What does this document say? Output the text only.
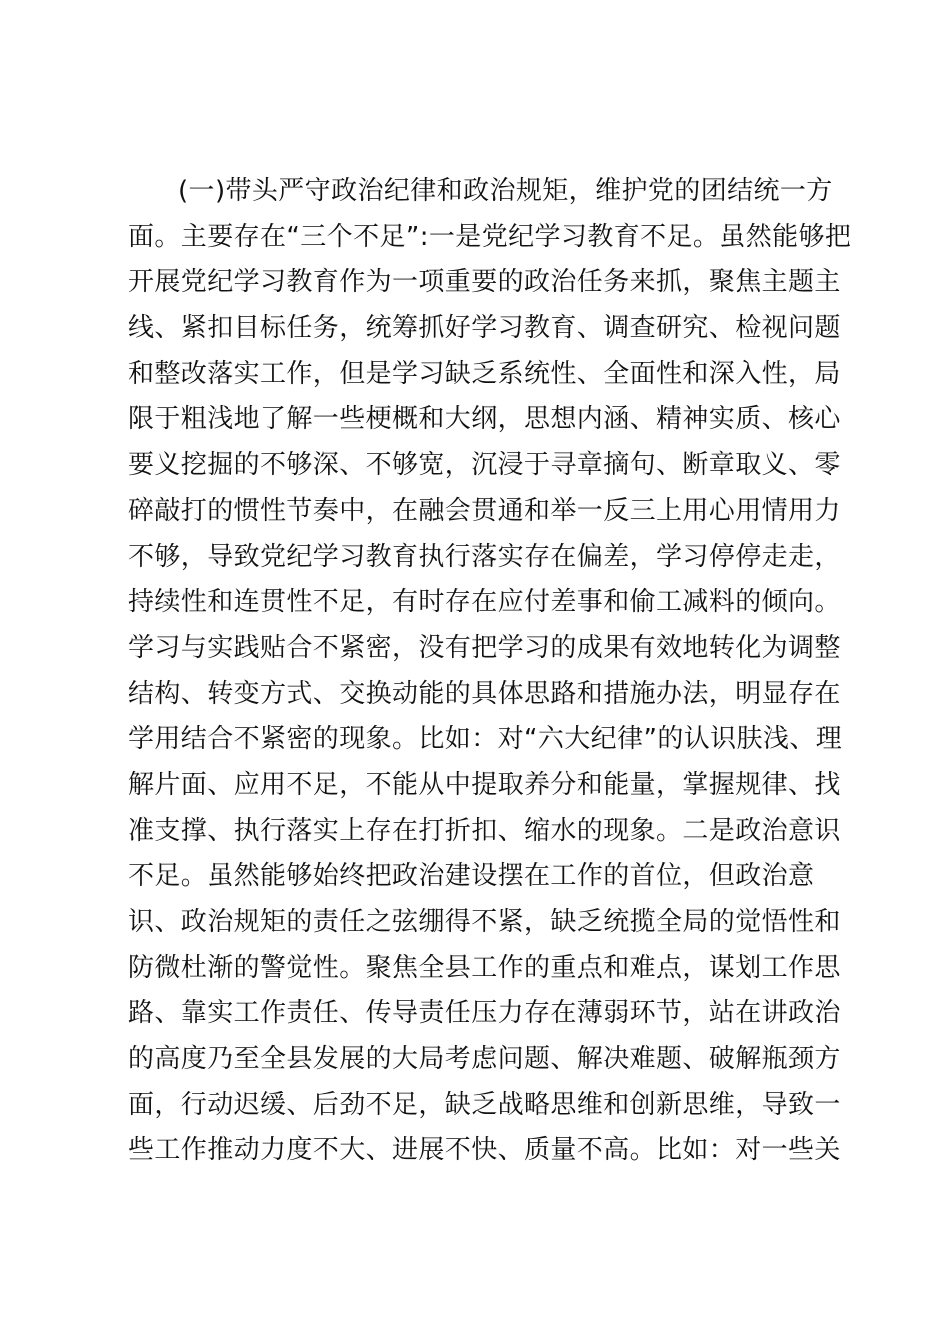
(一)带头严守政治纪律和政治规矩，维护党的团结统一方
面。主要存在“三个不足”:一是党纪学习教育不足。虽然能够把
开展党纪学习教育作为一项重要的政治任务来抓，聚焦主题主
线、紧扣目标任务，统筹抓好学习教育、调查研究、检视问题
和整改落实工作，但是学习缺乏系统性、全面性和深入性，局
限于粗浅地了解一些梗概和大纲，思想内涵、精神实质、核心
要义挖掘的不够深、不够宽，沉浸于寻章摘句、断章取义、零
碎敲打的惯性节奏中，在融会贯通和举一反三上用心用情用力
不够，导致党纪学习教育执行落实存在偏差，学习停停走走，
持续性和连贯性不足，有时存在应付差事和偷工减料的倾向。
学习与实践贴合不紧密，没有把学习的成果有效地转化为调整
结构、转变方式、交换动能的具体思路和措施办法，明显存在
学用结合不紧密的现象。比如：对“六大纪律”的认识肤浅、理
解片面、应用不足，不能从中提取养分和能量，掌握规律、找
准支撑、执行落实上存在打折扣、缩水的现象。二是政治意识
不足。虽然能够始终把政治建设摆在工作的首位，但政治意
识、政治规矩的责任之弦绷得不紧，缺乏统揽全局的觉悟性和
防微杜渐的警觉性。聚焦全县工作的重点和难点，谋划工作思
路、靠实工作责任、传导责任压力存在薄弱环节，站在讲政治
的高度乃至全县发展的大局考虑问题、解决难题、破解瓶颈方
面，行动迟缓、后劲不足，缺乏战略思维和创新思维，导致一
些工作推动力度不大、进展不快、质量不高。比如：对一些关
